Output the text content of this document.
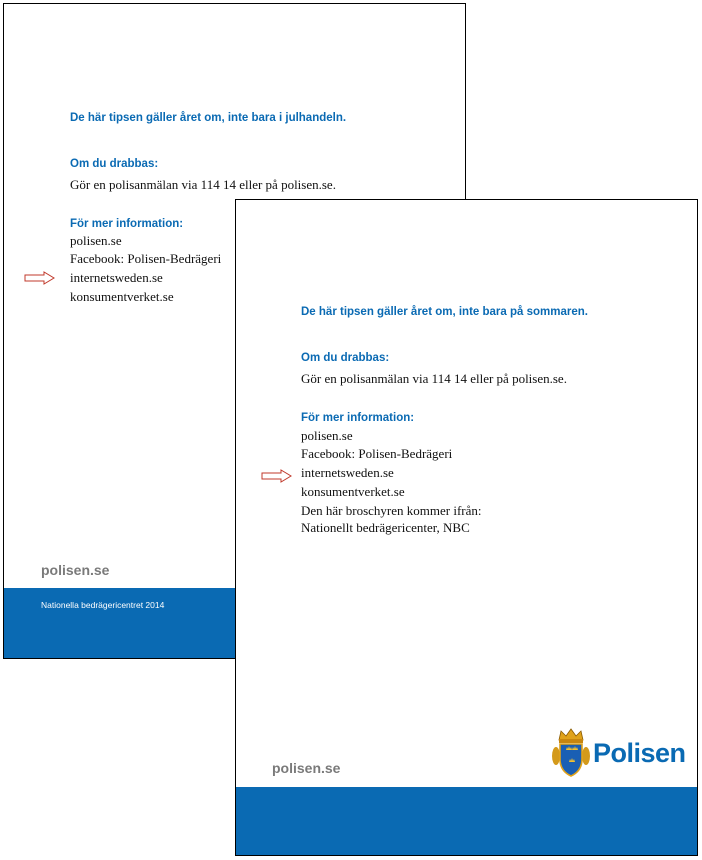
De här tipsen gäller året om, inte bara i julhandeln.

Om du drabbas:

Gör en polisanmälan via 114 14 eller på polisen.se.

För mer information:

polisen.se

Facebook: Polisen-Bedrägeri

internetsweden.se

konsumentverket.se

polisen.se

Nationella bedrägericentret 2014

De här tipsen gäller året om, inte bara på sommaren.

Om du drabbas:

Gör en polisanmälan via 114 14 eller på polisen.se.

För mer information:

polisen.se

Facebook: Polisen-Bedrägeri

internetsweden.se

konsumentverket.se

Den här broschyren kommer ifrån:

Nationellt bedrägericenter, NBC

Polisen

polisen.se
